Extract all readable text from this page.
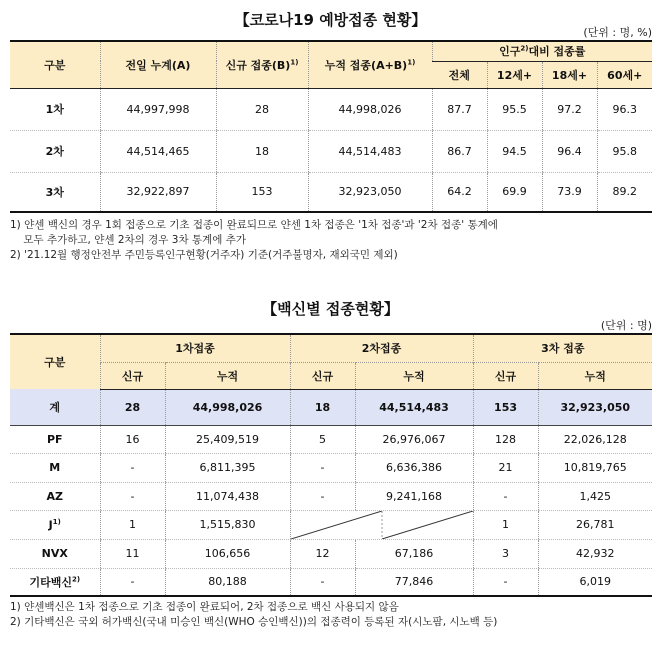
【코로나19 예방접종 현황】
(단위 : 명, %)
구분	전일 누계(A)	신규 접종$(B)^{1)}$	누적 접종$(A+B)^{1)}$	인구$^{2)}$대비 접종률			
				전체	12세+	18세+	60세+
1차	44,997,998	28	44,998,026	87.7	95.5	97.2	96.3
2차	44,514,465	18	44,514,483	86.7	94.5	96.4	95.8
3차	32,922,897	153	32,923,050	64.2	69.9	73.9	89.2
1) 얀센 백신의 경우 1회 접종으로 기초 접종이 완료되므로 얀센 1차 접종은 '1차 접종'과 '2차 접종' 통계에
모두 추가하고, 얀센 2차의 경우 3차 통계에 추가
2) '21.12월 행정안전부 주민등록인구현황(거주자) 기준(거주불명자, 재외국민 제외)
【백신별 접종현황】
(단위 : 명)
구분	1차접종		2차접종		3차 접종	
	신규	누적	신규	누적	신규	누적
계	28	44,998,026	18	44,514,483	153	32,923,050
PF	16	25,409,519	5	26,976,067	128	22,026,128
M	-	6,811,395	-	6,636,386	21	10,819,765
AZ	-	11,074,438	-	9,241,168	-	1,425
$J^{1)}$	1	1,515,830			1	26,781
NVX	11	106,656	12	67,186	3	42,932
기타백신$^{2)}$	-	80,188	-	77,846	-	6,019
1) 얀센백신은 1차 접종으로 기초 접종이 완료되어, 2차 접종으로 백신 사용되지 않음
2) 기타백신은 국외 허가백신(국내 미승인 백신(WHO 승인백신))의 접종력이 등록된 자(시노팜, 시노백 등)
